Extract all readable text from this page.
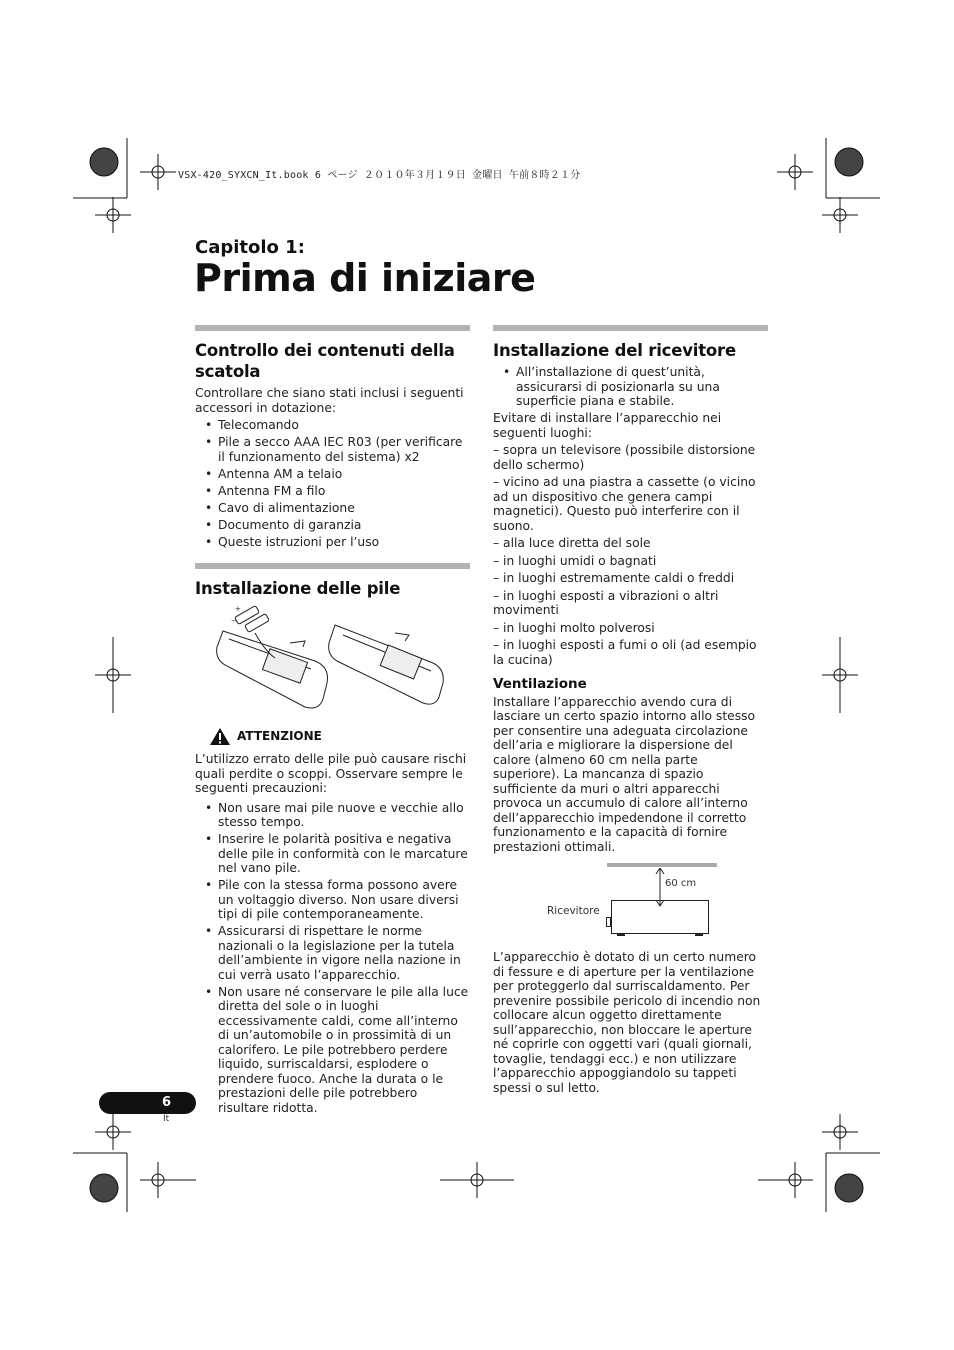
VSX-420_SYXCN_It.book 6 ページ ２０１０年３月１９日 金曜日 午前８時２１分
Capitolo 1:
Prima di iniziare
Controllo dei contenuti della scatola

Controllare che siano stati inclusi i seguenti accessori in dotazione:

• Telecomando
• Pile a secco AAA IEC R03 (per verificare il funzionamento del sistema) x2
• Antenna AM a telaio
• Antenna FM a filo
• Cavo di alimentazione
• Documento di garanzia
• Queste istruzioni per l’uso
Installazione delle pile
+
−
ATTENZIONE

L’utilizzo errato delle pile può causare rischi quali perdite o scoppi. Osservare sempre le seguenti precauzioni:

• Non usare mai pile nuove e vecchie allo stesso tempo.
• Inserire le polarità positiva e negativa delle pile in conformità con le marcature nel vano pile.
• Pile con la stessa forma possono avere un voltaggio diverso. Non usare diversi tipi di pile contemporaneamente.
• Assicurarsi di rispettare le norme nazionali o la legislazione per la tutela dell’ambiente in vigore nella nazione in cui verrà usato l’apparecchio.
• Non usare né conservare le pile alla luce diretta del sole o in luoghi eccessivamente caldi, come all’interno di un’automobile o in prossimità di un calorifero. Le pile potrebbero perdere liquido, surriscaldarsi, esplodere o prendere fuoco. Anche la durata o le prestazioni delle pile potrebbero risultare ridotta.
Installazione del ricevitore
• All’installazione di quest’unità, assicurarsi di posizionarla su una superficie piana e stabile.

Evitare di installare l’apparecchio nei seguenti luoghi:

– sopra un televisore (possibile distorsione dello schermo)

– vicino ad una piastra a cassette (o vicino ad un dispositivo che genera campi magnetici). Questo può interferire con il suono.

– alla luce diretta del sole

– in luoghi umidi o bagnati

– in luoghi estremamente caldi o freddi

– in luoghi esposti a vibrazioni o altri movimenti

– in luoghi molto polverosi

– in luoghi esposti a fumi o oli (ad esempio la cucina)

Ventilazione

Installare l’apparecchio avendo cura di lasciare un certo spazio intorno allo stesso per consentire una adeguata circolazione dell’aria e migliorare la dispersione del calore (almeno 60 cm nella parte superiore). La mancanza di spazio sufficiente da muri o altri apparecchi provoca un accumulo di calore all’interno dell’apparecchio impedendone il corretto funzionamento e la capacità di fornire prestazioni ottimali.

60 cm
Ricevitore

L’apparecchio è dotato di un certo numero di fessure e di aperture per la ventilazione per proteggerlo dal surriscaldamento. Per prevenire possibile pericolo di incendio non collocare alcun oggetto direttamente sull’apparecchio, non bloccare le aperture né coprirle con oggetti vari (quali giornali, tovaglie, tendaggi ecc.) e non utilizzare l’apparecchio appoggiandolo su tappeti spessi o sul letto.

6
It
